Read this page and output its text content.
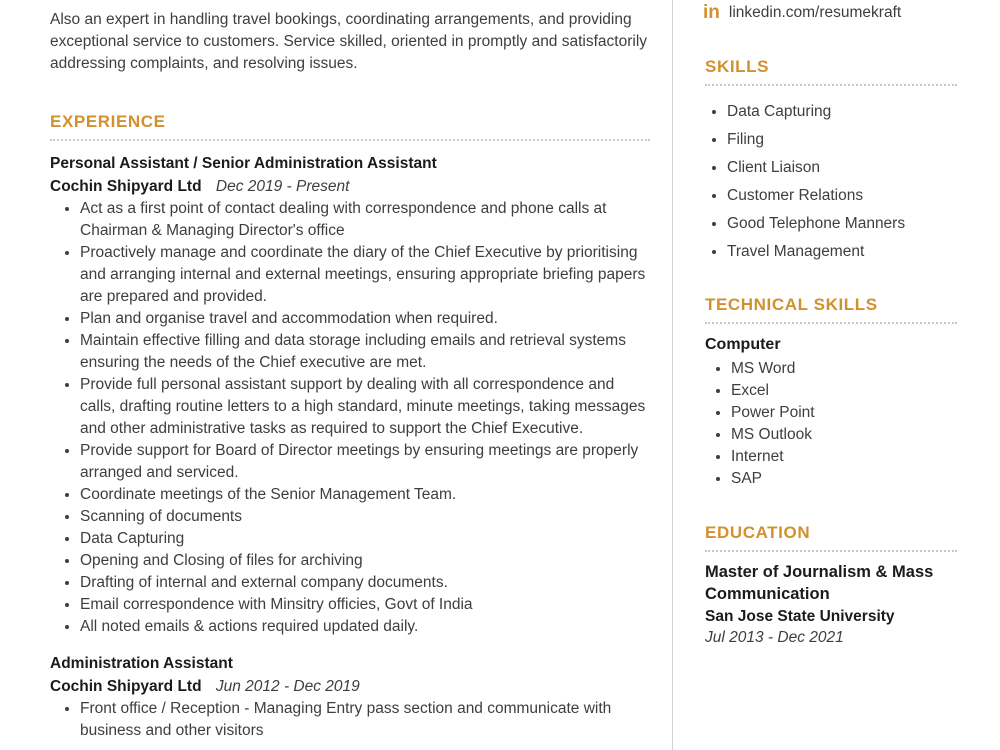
Also an expert in handling travel bookings, coordinating arrangements, and providing exceptional service to customers. Service skilled, oriented in promptly and satisfactorily addressing complaints, and resolving issues.

EXPERIENCE
Personal Assistant / Senior Administration Assistant
Cochin Shipyard Ltd Dec 2019 - Present
• Act as a first point of contact dealing with correspondence and phone calls at Chairman & Managing Director's office
• Proactively manage and coordinate the diary of the Chief Executive by prioritising and arranging internal and external meetings, ensuring appropriate briefing papers are prepared and provided.
• Plan and organise travel and accommodation when required.
• Maintain effective filling and data storage including emails and retrieval systems ensuring the needs of the Chief executive are met.
• Provide full personal assistant support by dealing with all correspondence and calls, drafting routine letters to a high standard, minute meetings, taking messages and other administrative tasks as required to support the Chief Executive.
• Provide support for Board of Director meetings by ensuring meetings are properly arranged and serviced.
• Coordinate meetings of the Senior Management Team.
• Scanning of documents
• Data Capturing
• Opening and Closing of files for archiving
• Drafting of internal and external company documents.
• Email correspondence with Minsitry officies, Govt of India
• All noted emails & actions required updated daily.
Administration Assistant
Cochin Shipyard Ltd Jun 2012 - Dec 2019
• Front office / Reception - Managing Entry pass section and communicate with business and other visitors
in linkedin.com/resumekraft
SKILLS
• Data Capturing
• Filing
• Client Liaison
• Customer Relations
• Good Telephone Manners
• Travel Management
TECHNICAL SKILLS
Computer
• MS Word
• Excel
• Power Point
• MS Outlook
• Internet
• SAP
EDUCATION
Master of Journalism & Mass Communication
San Jose State University
Jul 2013 - Dec 2021
